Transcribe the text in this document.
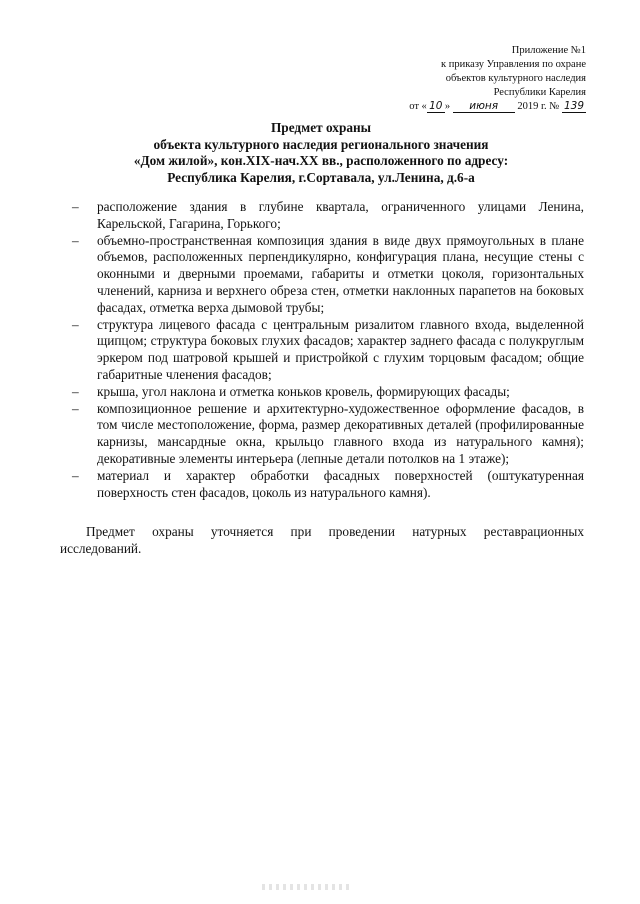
Приложение №1
к приказу Управления по охране
объектов культурного наследия
Республики Карелия
от « 10 » июня 2019 г. № 139
Предмет охраны
объекта культурного наследия регионального значения
«Дом жилой», кон.XIX-нач.XX вв., расположенного по адресу:
Республика Карелия, г.Сортавала, ул.Ленина, д.6-а
– расположение здания в глубине квартала, ограниченного улицами Ленина, Карельской, Гагарина, Горького;
– объемно-пространственная композиция здания в виде двух прямоугольных в плане объемов, расположенных перпендикулярно, конфигурация плана, несущие стены с оконными и дверными проемами, габариты и отметки цоколя, горизонтальных членений, карниза и верхнего обреза стен, отметки наклонных парапетов на боковых фасадах, отметка верха дымовой трубы;
– структура лицевого фасада с центральным ризалитом главного входа, выделенной щипцом; структура боковых глухих фасадов; характер заднего фасада с полукруглым эркером под шатровой крышей и пристройкой с глухим торцовым фасадом; общие габаритные членения фасадов;
– крыша, угол наклона и отметка коньков кровель, формирующих фасады;
– композиционное решение и архитектурно-художественное оформление фасадов, в том числе местоположение, форма, размер декоративных деталей (профилированные карнизы, мансардные окна, крыльцо главного входа из натурального камня); декоративные элементы интерьера (лепные детали потолков на 1 этаже);
– материал и характер обработки фасадных поверхностей (оштукатуренная поверхность стен фасадов, цоколь из натурального камня).
Предмет охраны уточняется при проведении натурных реставрационных исследований.
